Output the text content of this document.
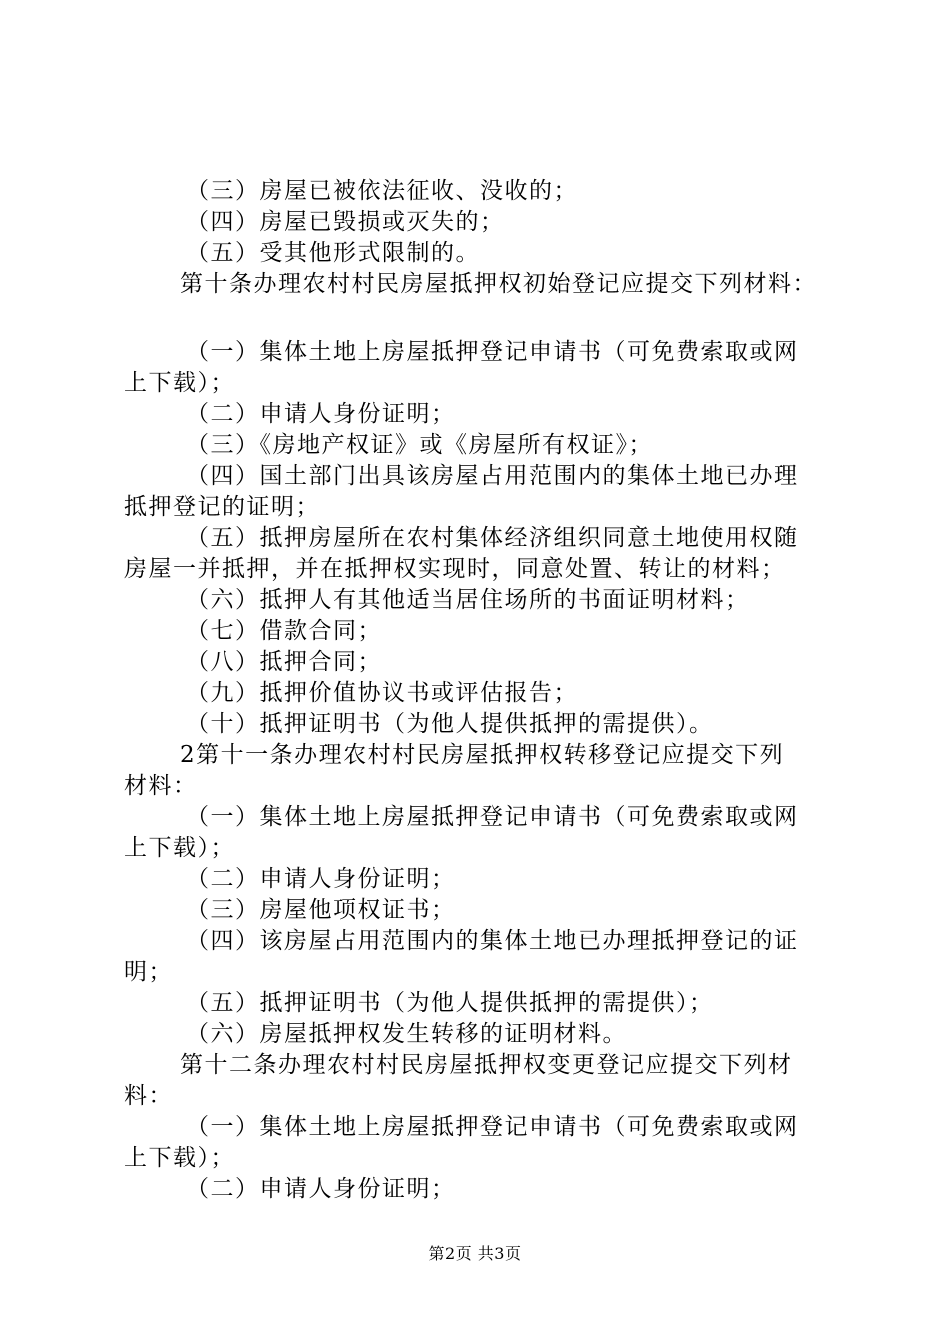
（三）房屋已被依法征收、没收的；
（四）房屋已毁损或灭失的；
（五）受其他形式限制的。
第十条办理农村村民房屋抵押权初始登记应提交下列材料：
（一）集体土地上房屋抵押登记申请书（可免费索取或网
上下载）；
（二）申请人身份证明；
（三）《房地产权证》或《房屋所有权证》；
（四）国土部门出具该房屋占用范围内的集体土地已办理
抵押登记的证明；
（五）抵押房屋所在农村集体经济组织同意土地使用权随
房屋一并抵押，并在抵押权实现时，同意处置、转让的材料；
（六）抵押人有其他适当居住场所的书面证明材料；
（七）借款合同；
（八）抵押合同；
（九）抵押价值协议书或评估报告；
（十）抵押证明书（为他人提供抵押的需提供）。
2第十一条办理农村村民房屋抵押权转移登记应提交下列
材料：
（一）集体土地上房屋抵押登记申请书（可免费索取或网
上下载）；
（二）申请人身份证明；
（三）房屋他项权证书；
（四）该房屋占用范围内的集体土地已办理抵押登记的证
明；
（五）抵押证明书（为他人提供抵押的需提供）；
（六）房屋抵押权发生转移的证明材料。
第十二条办理农村村民房屋抵押权变更登记应提交下列材
料：
（一）集体土地上房屋抵押登记申请书（可免费索取或网
上下载）；
（二）申请人身份证明；
第2页 共3页
